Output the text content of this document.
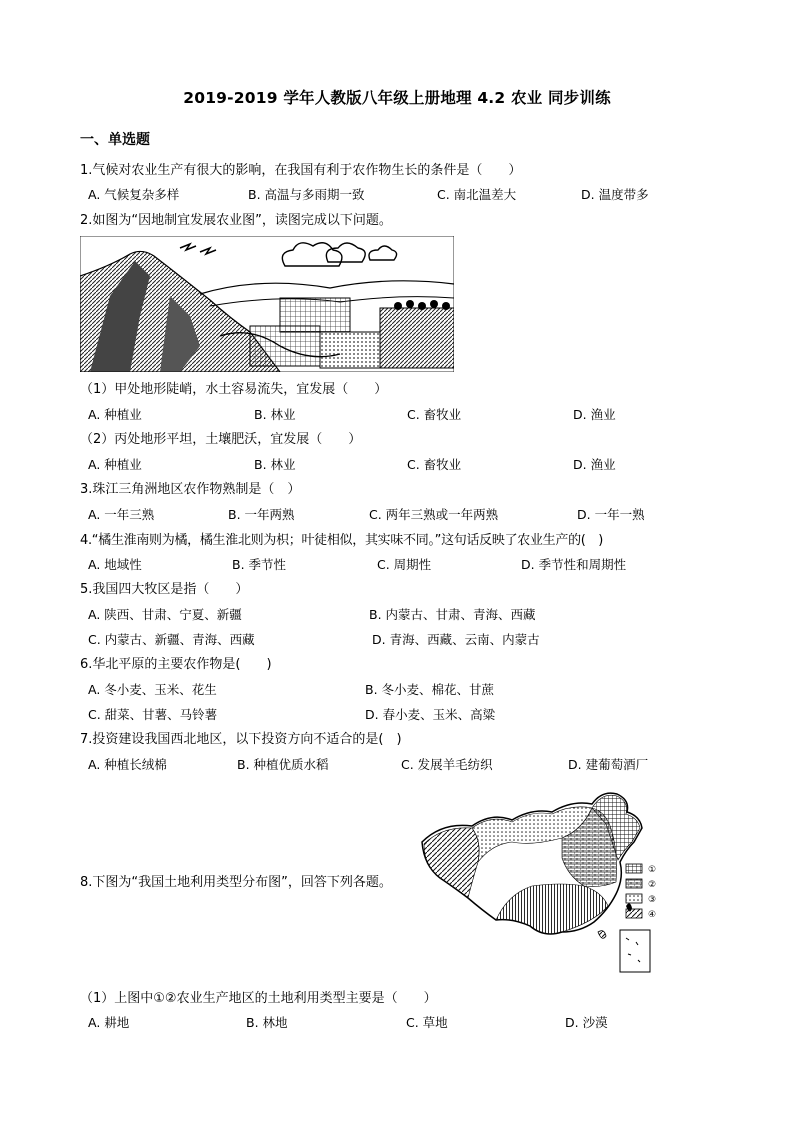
2019-2019 学年人教版八年级上册地理 4.2 农业 同步训练
一、单选题
1.气候对农业生产有很大的影响，在我国有利于农作物生长的条件是（　　）
A. 气候复杂多样	B. 高温与多雨期一致	C. 南北温差大	D. 温度带多
2.如图为“因地制宜发展农业图”，读图完成以下问题。
（1）甲处地形陡峭，水土容易流失，宜发展（　　）
A. 种植业	B. 林业	C. 畜牧业	D. 渔业
（2）丙处地形平坦，土壤肥沃，宜发展（　　）
A. 种植业	B. 林业	C. 畜牧业	D. 渔业
3.珠江三角洲地区农作物熟制是（　）
A. 一年三熟	B. 一年两熟	C. 两年三熟或一年两熟	D. 一年一熟
4.“橘生淮南则为橘，橘生淮北则为枳；叶徒相似，其实味不同。”这句话反映了农业生产的(　)
A. 地域性	B. 季节性	C. 周期性	D. 季节性和周期性
5.我国四大牧区是指（　　）
A. 陕西、甘肃、宁夏、新疆	B. 内蒙古、甘肃、青海、西藏
C. 内蒙古、新疆、青海、西藏	D. 青海、西藏、云南、内蒙古
6.华北平原的主要农作物是(　　)
A. 冬小麦、玉米、花生	B. 冬小麦、棉花、甘蔗
C. 甜菜、甘薯、马铃薯	D. 春小麦、玉米、高粱
7.投资建设我国西北地区，以下投资方向不适合的是(　)
A. 种植长绒棉	B. 种植优质水稻	C. 发展羊毛纺织	D. 建葡萄酒厂
①
②
③
④
8.下图为“我国土地利用类型分布图”，回答下列各题。
（1）上图中①②农业生产地区的土地利用类型主要是（　　）
A. 耕地	B. 林地	C. 草地	D. 沙漠
